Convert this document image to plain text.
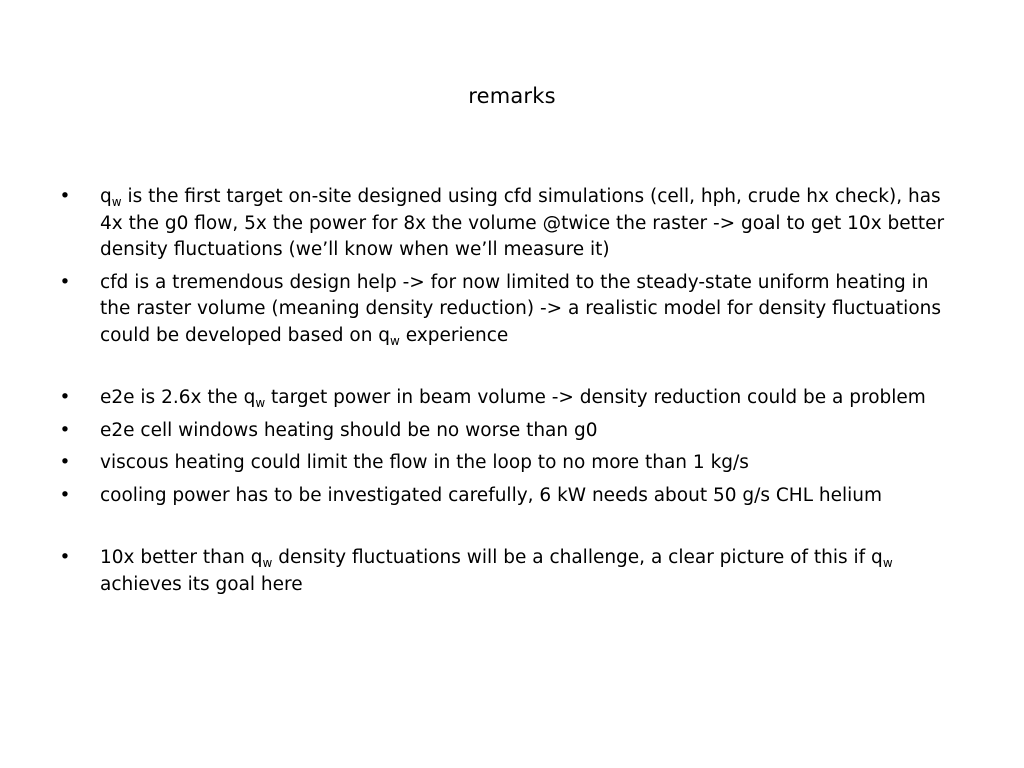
remarks
• $q_w$ is the first target on-site designed using cfd simulations (cell, hph, crude hx check), has 4x the g0 flow, 5x the power for 8x the volume @twice the raster -> goal to get 10x better density fluctuations (we’ll know when we’ll measure it)
• cfd is a tremendous design help -> for now limited to the steady-state uniform heating in the raster volume (meaning density reduction) -> a realistic model for density fluctuations could be developed based on $q_w$ experience
• e2e is 2.6x the $q_w$ target power in beam volume -> density reduction could be a problem
• e2e cell windows heating should be no worse than g0
• viscous heating could limit the flow in the loop to no more than 1 kg/s
• cooling power has to be investigated carefully, 6 kW needs about 50 g/s CHL helium
• 10x better than $q_w$ density fluctuations will be a challenge, a clear picture of this if $q_w$ achieves its goal here
